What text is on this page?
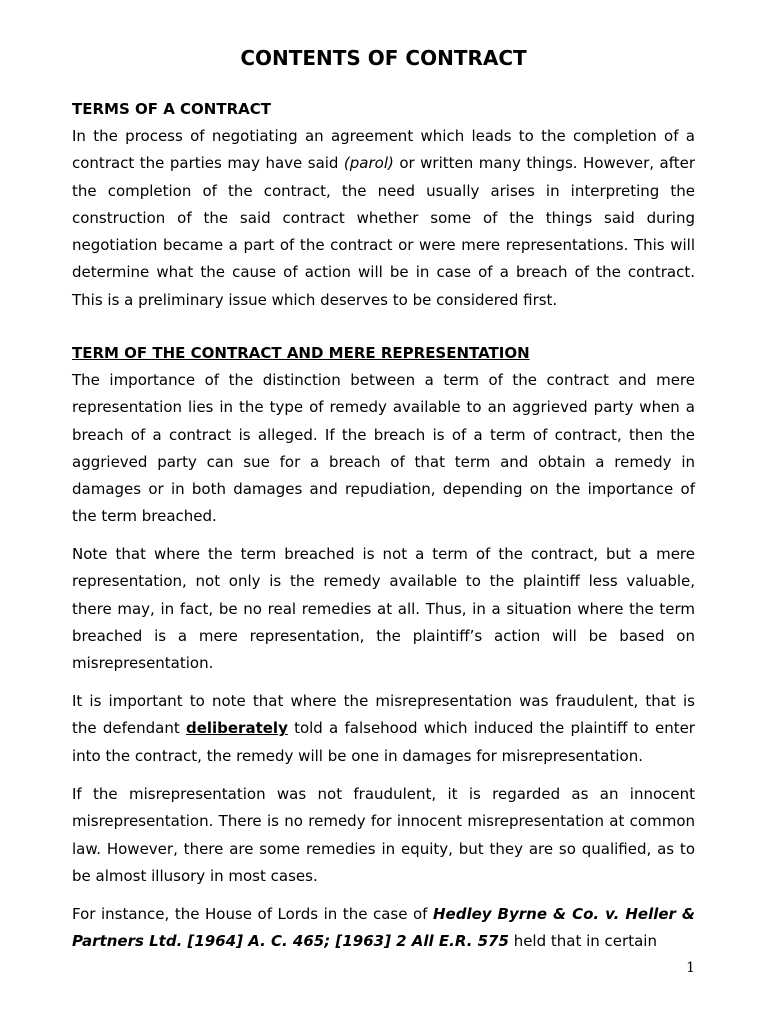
CONTENTS OF CONTRACT
TERMS OF A CONTRACT

In the process of negotiating an agreement which leads to the completion of a contract the parties may have said (parol) or written many things. However, after the completion of the contract, the need usually arises in interpreting the construction of the said contract whether some of the things said during negotiation became a part of the contract or were mere representations. This will determine what the cause of action will be in case of a breach of the contract. This is a preliminary issue which deserves to be considered first.

TERM OF THE CONTRACT AND MERE REPRESENTATION

The importance of the distinction between a term of the contract and mere representation lies in the type of remedy available to an aggrieved party when a breach of a contract is alleged. If the breach is of a term of contract, then the aggrieved party can sue for a breach of that term and obtain a remedy in damages or in both damages and repudiation, depending on the importance of the term breached.

Note that where the term breached is not a term of the contract, but a mere representation, not only is the remedy available to the plaintiff less valuable, there may, in fact, be no real remedies at all. Thus, in a situation where the term breached is a mere representation, the plaintiff’s action will be based on misrepresentation.

It is important to note that where the misrepresentation was fraudulent, that is the defendant deliberately told a falsehood which induced the plaintiff to enter into the contract, the remedy will be one in damages for misrepresentation.

If the misrepresentation was not fraudulent, it is regarded as an innocent misrepresentation. There is no remedy for innocent misrepresentation at common law. However, there are some remedies in equity, but they are so qualified, as to be almost illusory in most cases.

For instance, the House of Lords in the case of Hedley Byrne & Co. v. Heller & Partners Ltd. [1964] A. C. 465; [1963] 2 All E.R. 575 held that in certain

1
